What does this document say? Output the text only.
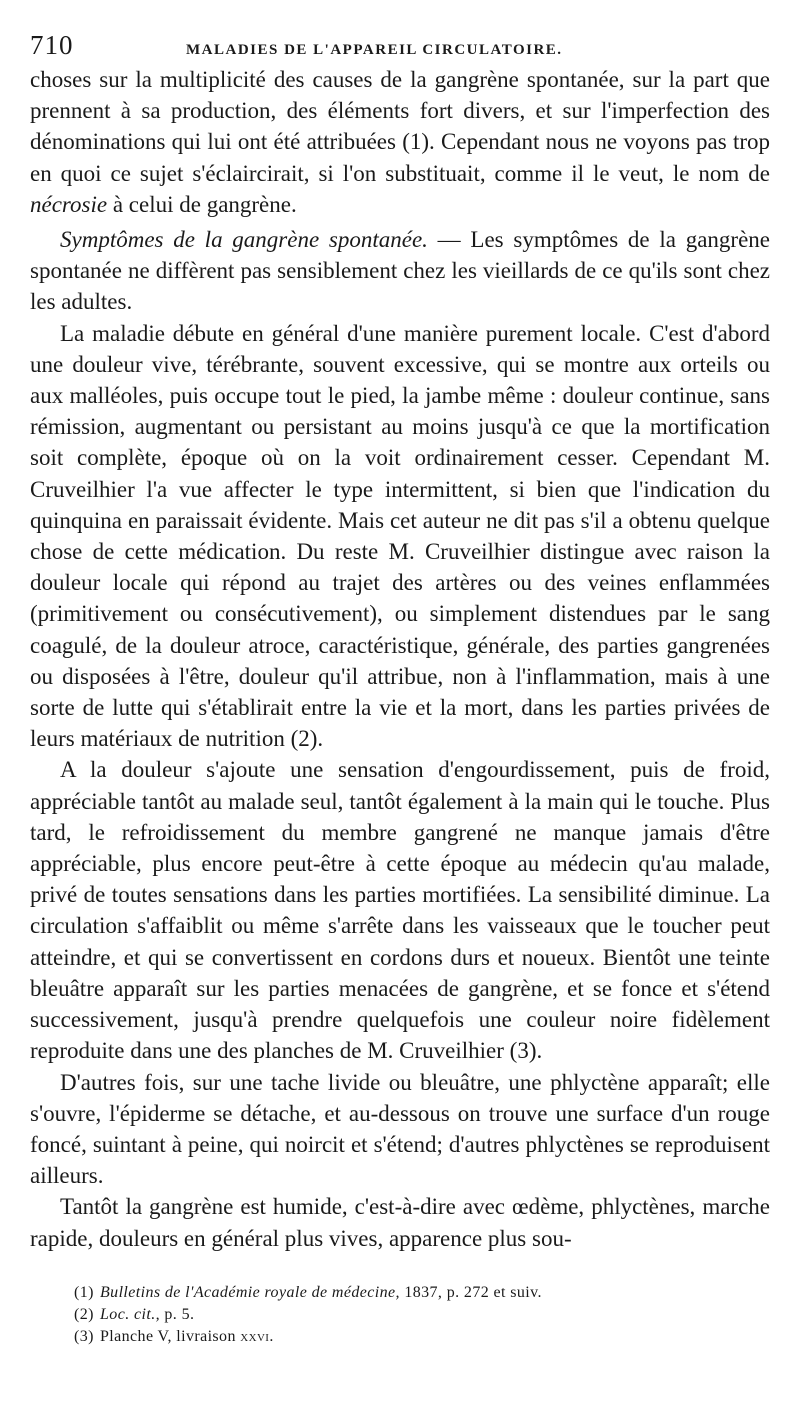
710	MALADIES DE L'APPAREIL CIRCULATOIRE.

choses sur la multiplicité des causes de la gangrène spontanée, sur la part que prennent à sa production, des éléments fort divers, et sur l'imperfection des dénominations qui lui ont été attribuées (1). Cependant nous ne voyons pas trop en quoi ce sujet s'éclaircirait, si l'on substituait, comme il le veut, le nom de nécrosie à celui de gangrène.

Symptômes de la gangrène spontanée. — Les symptômes de la gangrène spontanée ne diffèrent pas sensiblement chez les vieillards de ce qu'ils sont chez les adultes.

La maladie débute en général d'une manière purement locale. C'est d'abord une douleur vive, térébrante, souvent excessive, qui se montre aux orteils ou aux malléoles, puis occupe tout le pied, la jambe même : douleur continue, sans rémission, augmentant ou persistant au moins jusqu'à ce que la mortification soit complète, époque où on la voit ordinairement cesser. Cependant M. Cruveilhier l'a vue affecter le type intermittent, si bien que l'indication du quinquina en paraissait évidente. Mais cet auteur ne dit pas s'il a obtenu quelque chose de cette médication. Du reste M. Cruveilhier distingue avec raison la douleur locale qui répond au trajet des artères ou des veines enflammées (primitivement ou consécutivement), ou simplement distendues par le sang coagulé, de la douleur atroce, caractéristique, générale, des parties gangrenées ou disposées à l'être, douleur qu'il attribue, non à l'inflammation, mais à une sorte de lutte qui s'établirait entre la vie et la mort, dans les parties privées de leurs matériaux de nutrition (2).

A la douleur s'ajoute une sensation d'engourdissement, puis de froid, appréciable tantôt au malade seul, tantôt également à la main qui le touche. Plus tard, le refroidissement du membre gangrené ne manque jamais d'être appréciable, plus encore peut-être à cette époque au médecin qu'au malade, privé de toutes sensations dans les parties mortifiées. La sensibilité diminue. La circulation s'affaiblit ou même s'arrête dans les vaisseaux que le toucher peut atteindre, et qui se convertissent en cordons durs et noueux. Bientôt une teinte bleuâtre apparaît sur les parties menacées de gangrène, et se fonce et s'étend successivement, jusqu'à prendre quelquefois une couleur noire fidèlement reproduite dans une des planches de M. Cruveilhier (3).

D'autres fois, sur une tache livide ou bleuâtre, une phlyctène apparaît; elle s'ouvre, l'épiderme se détache, et au-dessous on trouve une surface d'un rouge foncé, suintant à peine, qui noircit et s'étend; d'autres phlyctènes se reproduisent ailleurs.

Tantôt la gangrène est humide, c'est-à-dire avec œdème, phlyctènes, marche rapide, douleurs en général plus vives, apparence plus sou-

(1) Bulletins de l'Académie royale de médecine, 1837, p. 272 et suiv.
(2) Loc. cit., p. 5.
(3) Planche V, livraison xxvi.
